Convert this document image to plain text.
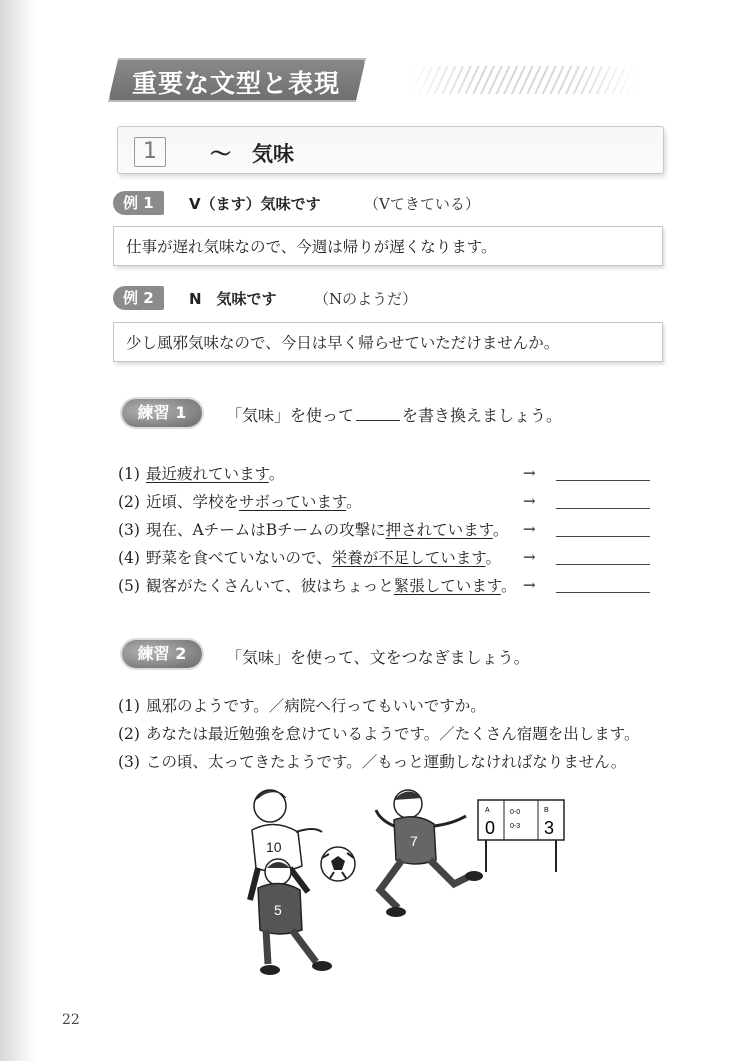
重要な文型と表現
1	〜　気味
例 1	V（ます）気味です	（Vてきている）
仕事が遅れ気味なので、今週は帰りが遅くなります。
例 2	N　気味です （Nのようだ）
少し風邪気味なので、今日は早く帰らせていただけませんか。
練習 1	「気味」を使って	を書き換えましょう。
(1) 最近疲れています。	→
(2) 近頃、学校をサボっています。	→
(3) 現在、AチームはBチームの攻撃に押されています。 →
(4) 野菜を食べていないので、栄養が不足しています。 →
(5) 観客がたくさんいて、彼はちょっと緊張しています。 →
練習 2	「気味」を使って、文をつなぎましょう。
(1) 風邪のようです。／病院へ行ってもいいですか。
(2) あなたは最近勉強を怠けているようです。／たくさん宿題を出します。
(3) この頃、太ってきたようです。／もっと運動しなければなりません。
10
5
7
A
0
0-0
0-3
B
3
22
